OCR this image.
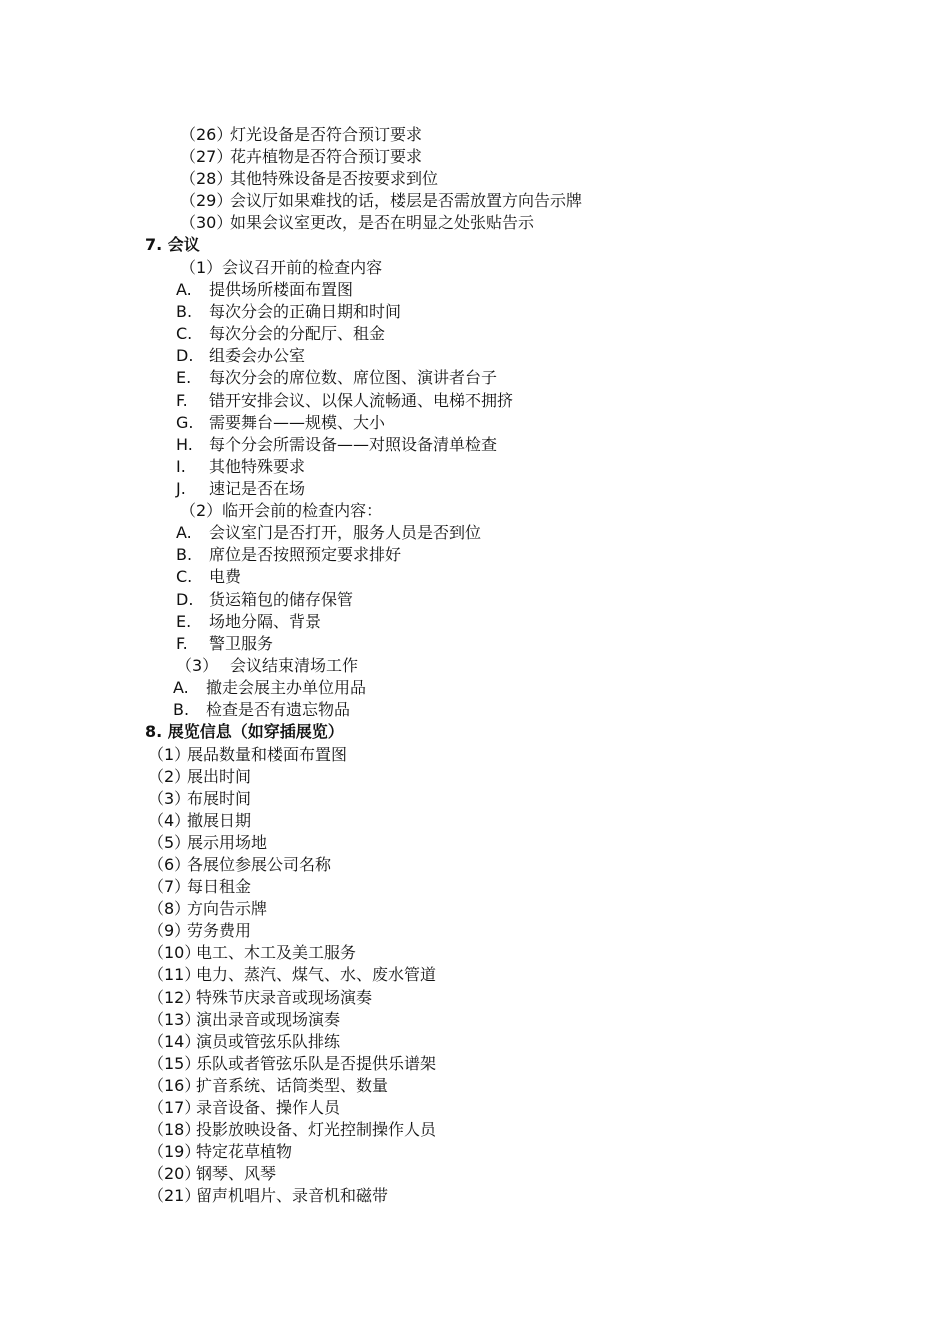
（26）
灯光设备是否符合预订要求
（27）
花卉植物是否符合预订要求
（28）
其他特殊设备是否按要求到位
（29）
会议厅如果难找的话，楼层是否需放置方向告示牌
（30）
如果会议室更改，是否在明显之处张贴告示
7. 会议
（1）会议召开前的检查内容
A. 提供场所楼面布置图
B. 每次分会的正确日期和时间
C. 每次分会的分配厅、租金
D. 组委会办公室
E. 每次分会的席位数、席位图、演讲者台子
F. 错开安排会议、以保人流畅通、电梯不拥挤
G. 需要舞台——规模、大小
H. 每个分会所需设备——对照设备清单检查
I. 其他特殊要求
J. 速记是否在场
（2）临开会前的检查内容：
A. 会议室门是否打开，服务人员是否到位
B. 席位是否按照预定要求排好
C. 电费
D. 货运箱包的储存保管
E. 场地分隔、背景
F. 警卫服务
（3） 会议结束清场工作
A. 撤走会展主办单位用品
B. 检查是否有遗忘物品
8. 展览信息（如穿插展览）
（1）
展品数量和楼面布置图
（2）
展出时间
（3）
布展时间
（4）
撤展日期
（5）
展示用场地
（6）
各展位参展公司名称
（7）
每日租金
（8）
方向告示牌
（9）
劳务费用
（10）
电工、木工及美工服务
（11）
电力、蒸汽、煤气、水、废水管道
（12）
特殊节庆录音或现场演奏
（13）
演出录音或现场演奏
（14）
演员或管弦乐队排练
（15）
乐队或者管弦乐队是否提供乐谱架
（16）
扩音系统、话筒类型、数量
（17）
录音设备、操作人员
（18）
投影放映设备、灯光控制操作人员
（19）
特定花草植物
（20）
钢琴、风琴
（21）
留声机唱片、录音机和磁带
